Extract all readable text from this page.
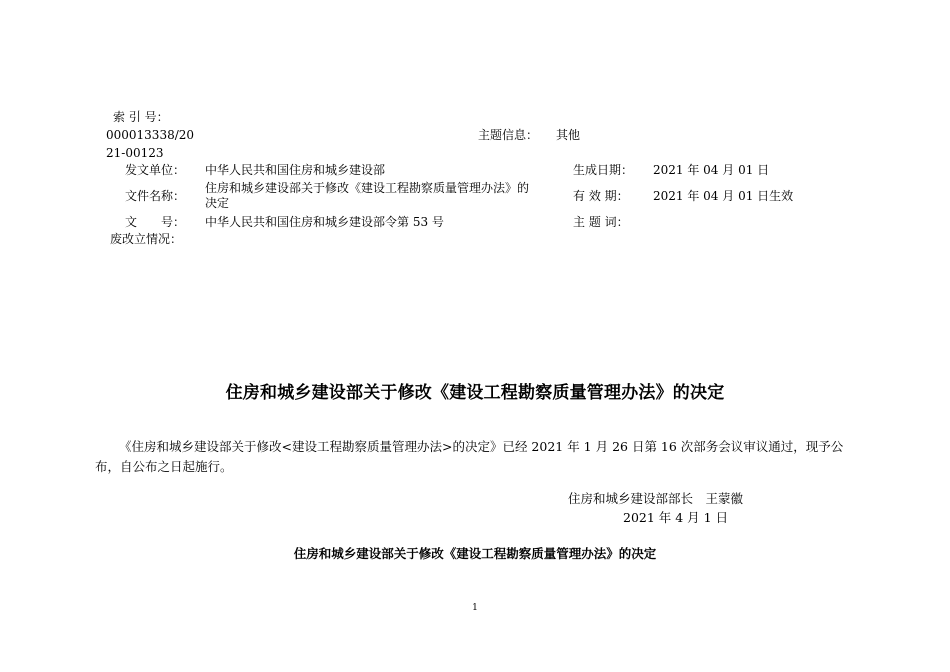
索 引 号：
000013338/20
21-00123
主题信息： 其他
发文单位： 中华人民共和国住房和城乡建设部	生成日期： 2021 年 04 月 01 日
文件名称：
住房和城乡建设部关于修改《建设工程勘察质量管理办法》的决定	有 效 期： 2021 年 04 月 01 日生效
文　　号： 中华人民共和国住房和城乡建设部令第 53 号	主 题 词：
废改立情况：
住房和城乡建设部关于修改《建设工程勘察质量管理办法》的决定
《住房和城乡建设部关于修改<建设工程勘察质量管理办法>的决定》已经 2021 年 1 月 26 日第 16 次部务会议审议通过，现予公布，自公布之日起施行。
住房和城乡建设部部长　王蒙徽
2021 年 4 月 1 日
住房和城乡建设部关于修改《建设工程勘察质量管理办法》的决定
1
